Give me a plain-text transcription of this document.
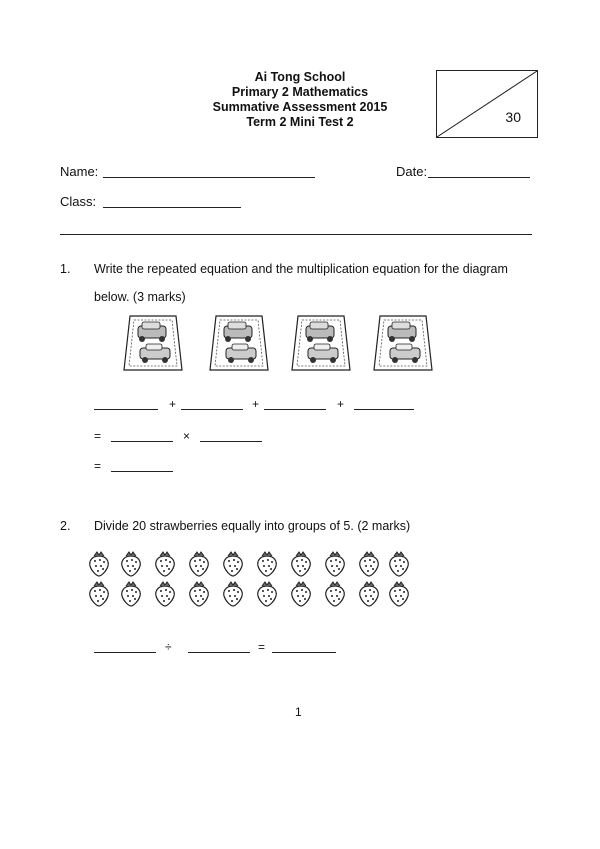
Ai Tong School
Primary 2 Mathematics
Summative Assessment 2015
Term 2 Mini Test 2	30
Name:	Date:
Class:
1. Write the repeated equation and the multiplication equation for the diagram
below. (3 marks)
+	+	+
=	×
=
2. Divide 20 strawberries equally into groups of 5. (2 marks)
÷	=
1
